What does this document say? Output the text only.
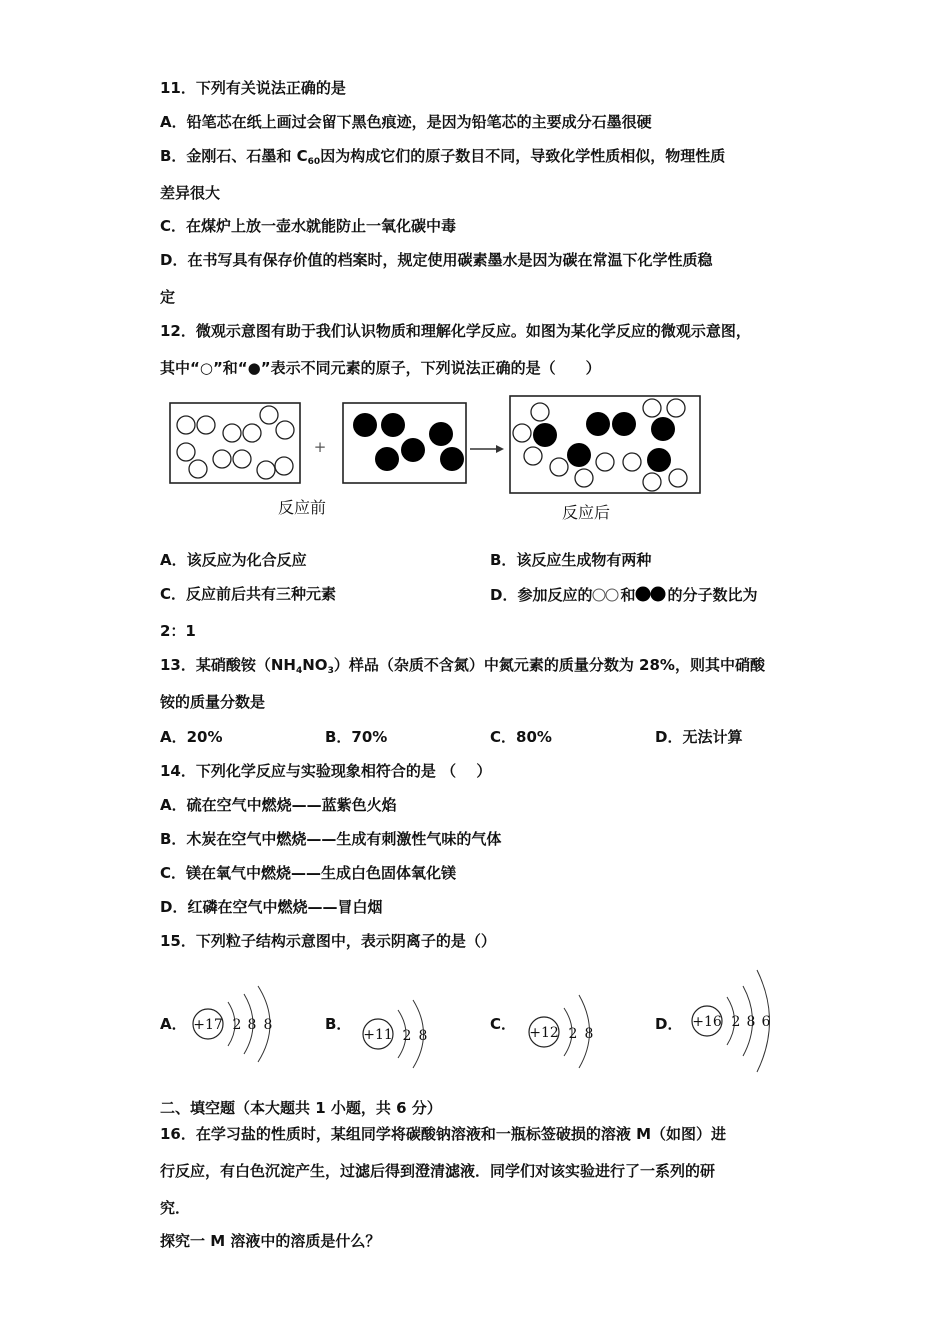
11．下列有关说法正确的是
A．铅笔芯在纸上画过会留下黑色痕迹，是因为铅笔芯的主要成分石墨很硬
B．金刚石、石墨和 $C_{60}$因为构成它们的原子数目不同，导致化学性质相似，物理性质
差异很大
C．在煤炉上放一壶水就能防止一氧化碳中毒
D．在书写具有保存价值的档案时，规定使用碳素墨水是因为碳在常温下化学性质稳
定
12．微观示意图有助于我们认识物质和理解化学反应。如图为某化学反应的微观示意图，
其中“○”和“●”表示不同元素的原子，下列说法正确的是（　　）
+
+17 2 8 8
+11 2 8	+12 2 8
+16 2 8 6
反应前	反应后
A．该反应为化合反应	B．该反应生成物有两种
C．反应前后共有三种元素	D．参加反应的 和 的分子数比为
2：1
13．某硝酸铵$(NH_4NO_3)$样品（杂质不含氮）中氮元素的质量分数为 28%，则其中硝酸
铵的质量分数是
A．20%	B．70%	C．80%	D．无法计算
14．下列化学反应与实验现象相符合的是 （　 ）
A．硫在空气中燃烧——蓝紫色火焰
B．木炭在空气中燃烧——生成有刺激性气味的气体
C．镁在氧气中燃烧——生成白色固体氧化镁
D．红磷在空气中燃烧——冒白烟
15．下列粒子结构示意图中，表示阴离子的是（）
A．	B．	C．	D．
二、填空题（本大题共 1 小题，共 6 分）
16．在学习盐的性质时，某组同学将碳酸钠溶液和一瓶标签破损的溶液 M（如图）进
行反应，有白色沉淀产生，过滤后得到澄清滤液．同学们对该实验进行了一系列的研
究．
探究一 M 溶液中的溶质是什么？
